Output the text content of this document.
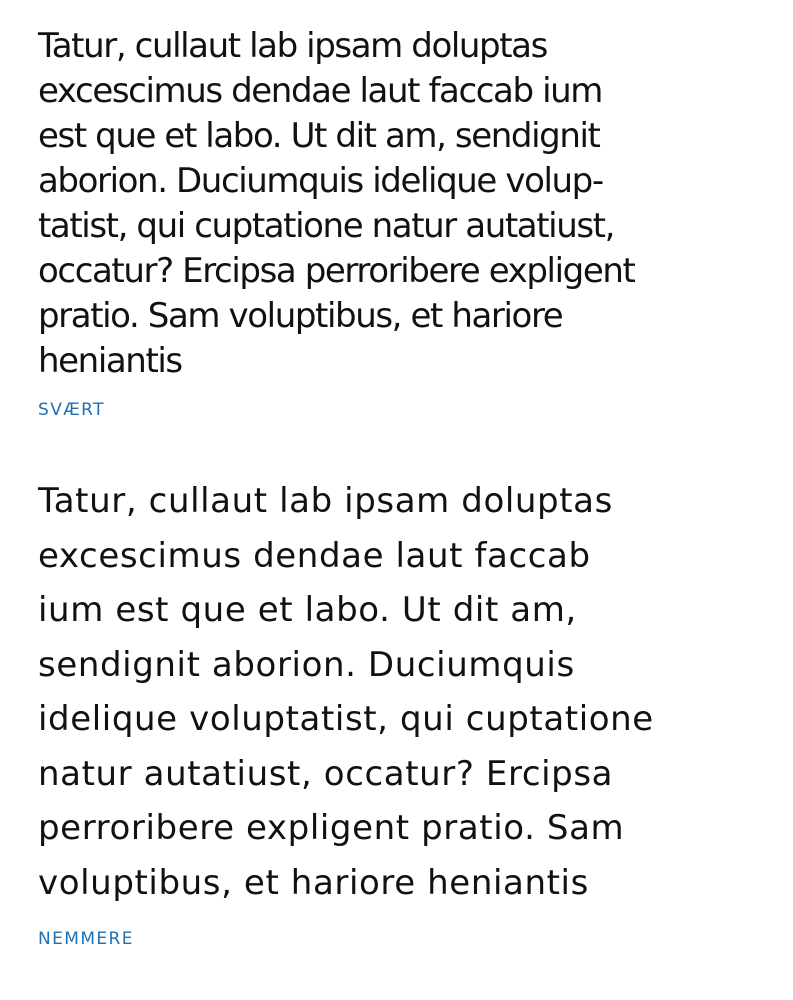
Tatur, cullaut lab ipsam doluptas
excescimus dendae laut faccab ium
est que et labo. Ut dit am, sendignit
aborion. Duciumquis idelique volup-
tatist, qui cuptatione natur autatiust,
occatur? Ercipsa perroribere expligent
pratio. Sam voluptibus, et hariore
heniantis
SVÆRT
Tatur, cullaut lab ipsam doluptas
excescimus dendae laut faccab
ium est que et labo. Ut dit am,
sendignit aborion. Duciumquis
idelique voluptatist, qui cuptatione
natur autatiust, occatur? Ercipsa
perroribere expligent pratio. Sam
voluptibus, et hariore heniantis
NEMMERE
